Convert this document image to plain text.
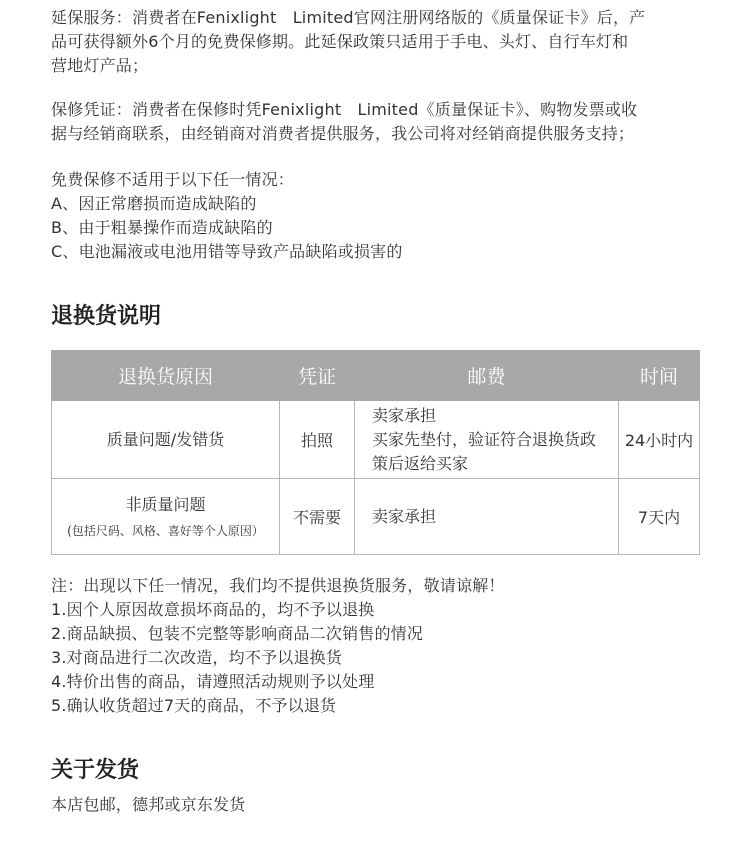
延保服务：消费者在Fenixlight　Limited官网注册网络版的《质量保证卡》后，产

品可获得额外6个月的免费保修期。此延保政策只适用于手电、头灯、自行车灯和

营地灯产品；

保修凭证：消费者在保修时凭Fenixlight　Limited《质量保证卡》、购物发票或收

据与经销商联系，由经销商对消费者提供服务，我公司将对经销商提供服务支持；

免费保修不适用于以下任一情况：

A、因正常磨损而造成缺陷的

B、由于粗暴操作而造成缺陷的

C、电池漏液或电池用错等导致产品缺陷或损害的

退换货说明
退换货原因	凭证	邮费	时间

质量问题/发错货	拍照	卖家承担
买家先垫付，验证符合退换货政
策后返给买家	24小时内

非质量问题
(包括尺码、风格、喜好等个人原因）	不需要	卖家承担	7天内

注：出现以下任一情况，我们均不提供退换货服务，敬请谅解！

1.因个人原因故意损坏商品的，均不予以退换

2.商品缺损、包装不完整等影响商品二次销售的情况

3.对商品进行二次改造，均不予以退换货

4.特价出售的商品，请遵照活动规则予以处理

5.确认收货超过7天的商品，不予以退货

关于发货

本店包邮，德邦或京东发货
